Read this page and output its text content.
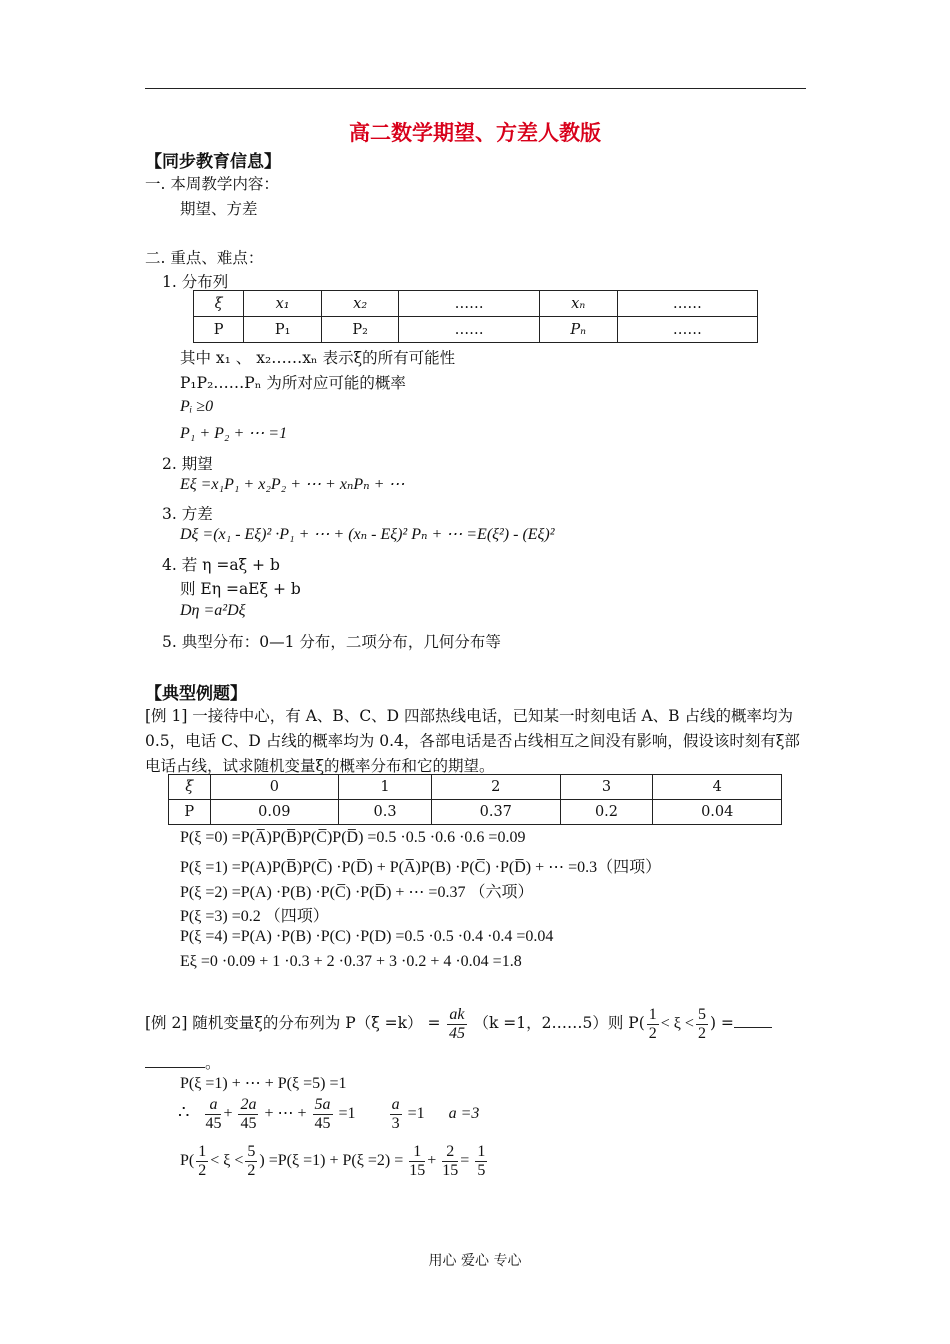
高二数学期望、方差人教版
【同步教育信息】
一. 本周教学内容：
期望、方差
二. 重点、难点：
1. 分布列
ξ	x₁	x₂	……	xₙ	……
P	P₁	P₂	……	Pₙ	……
其中 x₁ 、 x₂……xₙ 表示ξ的所有可能性
P₁P₂……Pₙ 为所对应可能的概率
Pᵢ ≥0
P₁ + P₂ + ⋯ =1
2. 期望
Eξ =x₁P₁ + x₂P₂ + ⋯ + xₙPₙ + ⋯
3. 方差
Dξ =(x₁ - Eξ)² ·P₁ + ⋯ + (xₙ - Eξ)² Pₙ + ⋯ =E(ξ²) - (Eξ)²
4. 若 η =aξ + b
则 Eη =aEξ + b
Dη =a²Dξ
5. 典型分布：0—1 分布，二项分布，几何分布等
【典型例题】
[例 1] 一接待中心，有 A、B、C、D 四部热线电话，已知某一时刻电话 A、B 占线的概率均为 0.5，电话 C、D 占线的概率均为 0.4，各部电话是否占线相互之间没有影响，假设该时刻有ξ部电话占线，试求随机变量ξ的概率分布和它的期望。
ξ	0	1	2	3	4
P	0.09	0.3	0.37	0.2	0.04
P(ξ =0) =P(A̅)P(B̅)P(C̅)P(D̅) =0.5 ·0.5 ·0.6 ·0.6 =0.09
P(ξ =1) =P(A)P(B̅)P(C̅) ·P(D̅) + P(A̅)P(B) ·P(C̅) ·P(D̅) + ⋯ =0.3（四项）
P(ξ =2) =P(A) ·P(B) ·P(C̅) ·P(D̅) + ⋯ =0.37 （六项）
P(ξ =3) =0.2 （四项）
P(ξ =4) =P(A) ·P(B) ·P(C) ·P(D) =0.5 ·0.5 ·0.4 ·0.4 =0.04
Eξ =0 ·0.09 + 1 ·0.3 + 2 ·0.37 + 3 ·0.2 + 4 ·0.04 =1.8
[例 2] 随机变量ξ的分布列为 $P(\xi =k) = \frac{ak}{45} (k =1$，2……5）则 $P( \frac{1}{2} < \xi < \frac{5}{2}$ ) =
。
P(ξ =1) + ⋯ + P(ξ =5) =1
∴ $\frac{a}{45} + \frac{2a}{45}$ + ⋯ + $\frac{5a}{45} =1 \frac{a}{3} =1$ a =3
$P( \frac{1}{2} < \xi < \frac{5}{2}$ ) $=P(\xi =1) + P(\xi =2) = \frac{1}{15} + \frac{2}{15} = \frac{1}{5}$
用心 爱心 专心
